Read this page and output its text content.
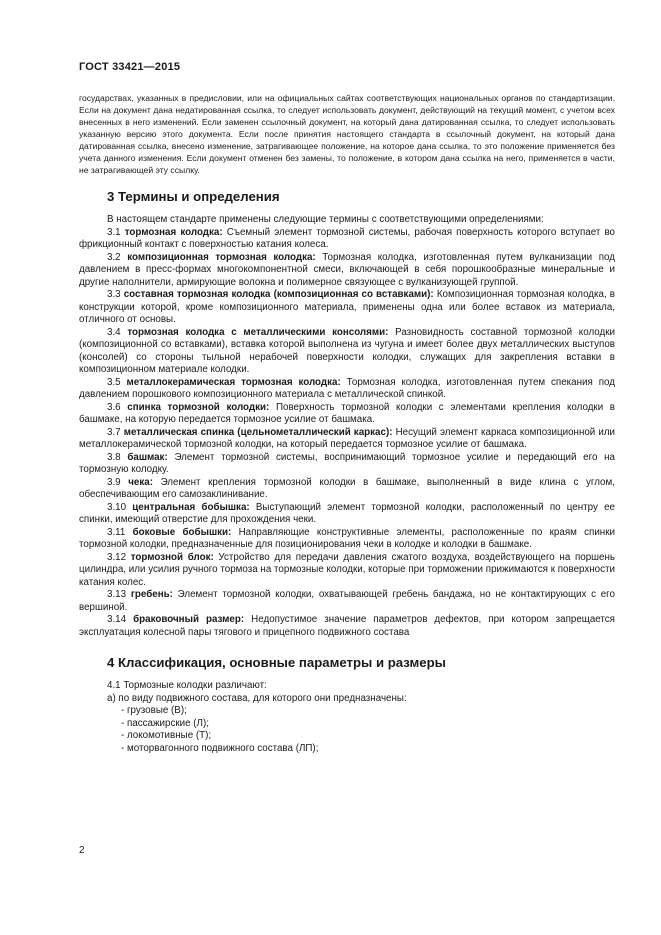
ГОСТ 33421—2015

государствах, указанных в предисловии, или на официальных сайтах соответствующих национальных органов по стандартизации. Если на документ дана недатированная ссылка, то следует использовать документ, действующий на текущий момент, с учетом всех внесенных в него изменений. Если заменен ссылочный документ, на который дана датированная ссылка, то следует использовать указанную версию этого документа. Если после принятия настоящего стандарта в ссылочный документ, на который дана датированная ссылка, внесено изменение, затрагивающее положение, на которое дана ссылка, то это положение применяется без учета данного изменения. Если документ отменен без замены, то положение, в котором дана ссылка на него, применяется в части, не затрагивающей эту ссылку.

3 Термины и определения

В настоящем стандарте применены следующие термины с соответствующими определениями:

3.1 тормозная колодка: Съемный элемент тормозной системы, рабочая поверхность которого вступает во фрикционный контакт с поверхностью катания колеса.

3.2 композиционная тормозная колодка: Тормозная колодка, изготовленная путем вулканизации под давлением в пресс-формах многокомпонентной смеси, включающей в себя порошкообразные минеральные и другие наполнители, армирующие волокна и полимерное связующее с вулканизующей группой.

3.3 составная тормозная колодка (композиционная со вставками): Композиционная тормозная колодка, в конструкции которой, кроме композиционного материала, применены одна или более вставок из материала, отличного от основы.

3.4 тормозная колодка с металлическими консолями: Разновидность составной тормозной колодки (композиционной со вставками), вставка которой выполнена из чугуна и имеет более двух металлических выступов (консолей) со стороны тыльной нерабочей поверхности колодки, служащих для закрепления вставки в композиционном материале колодки.

3.5 металлокерамическая тормозная колодка: Тормозная колодка, изготовленная путем спекания под давлением порошкового композиционного материала с металлической спинкой.

3.6 спинка тормозной колодки: Поверхность тормозной колодки с элементами крепления колодки в башмаке, на которую передается тормозное усилие от башмака.

3.7 металлическая спинка (цельнометаллический каркас): Несущий элемент каркаса композиционной или металлокерамической тормозной колодки, на который передается тормозное усилие от башмака.

3.8 башмак: Элемент тормозной системы, воспринимающий тормозное усилие и передающий его на тормозную колодку.

3.9 чека: Элемент крепления тормозной колодки в башмаке, выполненный в виде клина с углом, обеспечивающим его самозаклинивание.

3.10 центральная бобышка: Выступающий элемент тормозной колодки, расположенный по центру ее спинки, имеющий отверстие для прохождения чеки.

3.11 боковые бобышки: Направляющие конструктивные элементы, расположенные по краям спинки тормозной колодки, предназначенные для позиционирования чеки в колодке и колодки в башмаке.

3.12 тормозной блок: Устройство для передачи давления сжатого воздуха, воздействующего на поршень цилиндра, или усилия ручного тормоза на тормозные колодки, которые при торможении прижимаются к поверхности катания колес.

3.13 гребень: Элемент тормозной колодки, охватывающей гребень бандажа, но не контактирующих с его вершиной.

3.14 браковочный размер: Недопустимое значение параметров дефектов, при котором запрещается эксплуатация колесной пары тягового и прицепного подвижного состава

4 Классификация, основные параметры и размеры

4.1 Тормозные колодки различают:

а) по виду подвижного состава, для которого они предназначены:

- грузовые (В);

- пассажирские (Л);

- локомотивные (Т);

- моторвагонного подвижного состава (ЛП);

2
